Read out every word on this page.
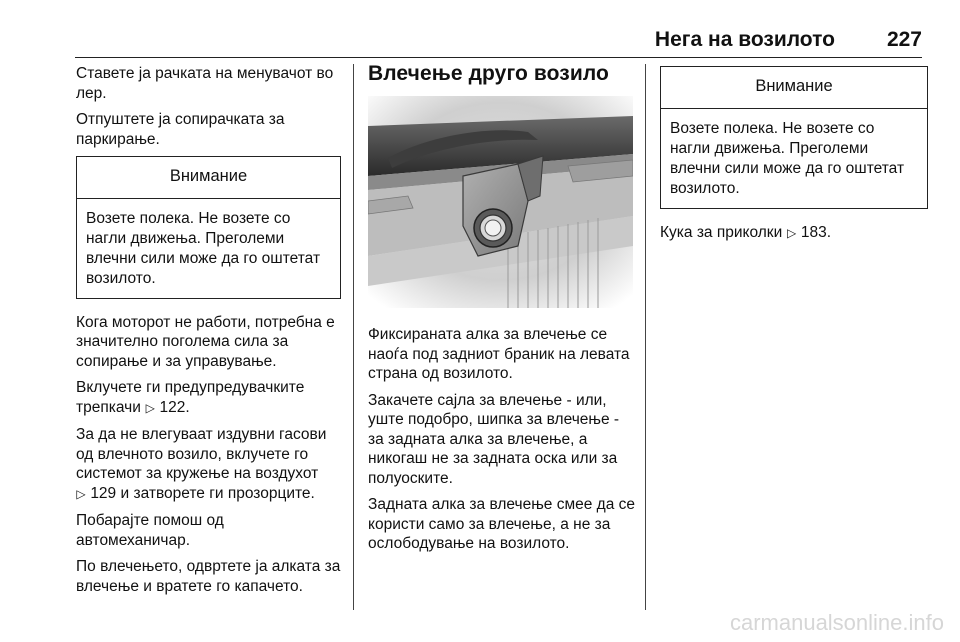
Нега на возилото 227

Ставете ја рачката на менувачот во лер.

Отпуштете ја сопирачката за паркирање.

Внимание
Возете полека. Не возете со нагли движења. Преголеми влечни сили може да го оштетат возилото.

Кога моторот не работи, потребна е значително поголема сила за сопирање и за управување.

Вклучете ги предупредувачките трепкачи ▷ 122.

За да не влегуваат издувни гасови од влечното возило, вклучете го системот за кружење на воздухот
▷ 129 и затворете ги прозорците.

Побарајте помош од автомеханичар.

По влечењето, одвртете ја алката за влечење и вратете го капачето.

Влечење друго возило

Фиксираната алка за влечење се наоѓа под задниот браник на левата страна од возилото.

Закачете сајла за влечење - или, уште подобро, шипка за влечење - за задната алка за влечење, а никогаш не за задната оска или за полуоските.

Задната алка за влечење смее да се користи само за влечење, а не за ослободување на возилото.

Внимание
Возете полека. Не возете со нагли движења. Преголеми влечни сили може да го оштетат возилото.

Кука за приколки ▷ 183.

carmanualsonline.info
